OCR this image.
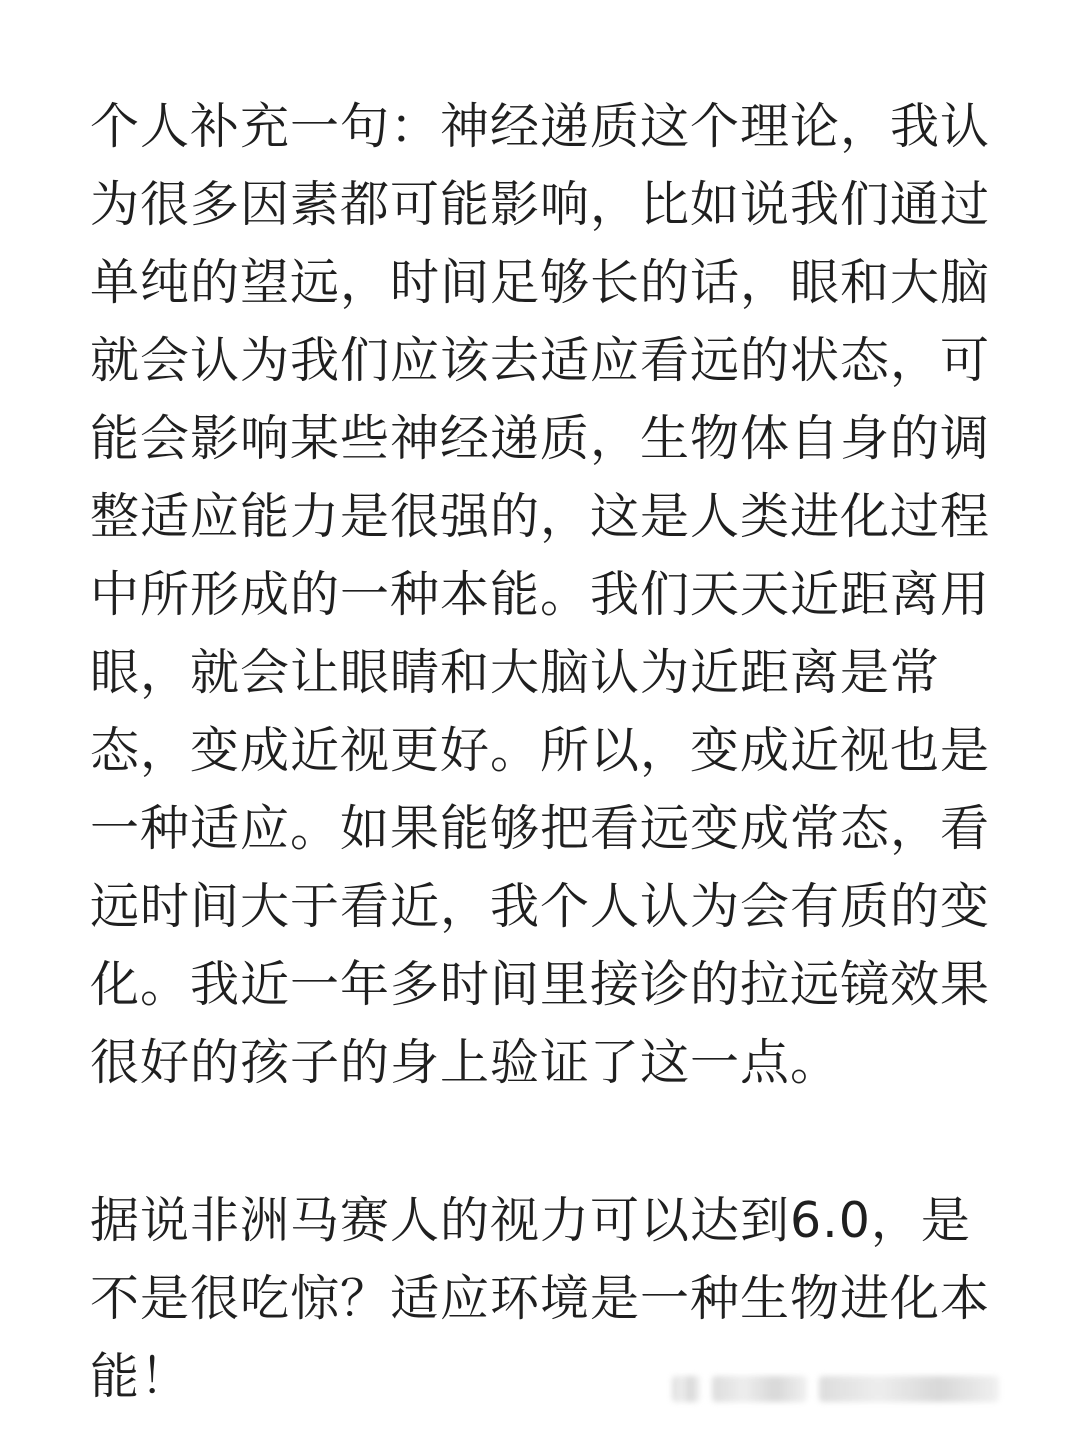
个人补充一句：神经递质这个理论，我认为很多因素都可能影响，比如说我们通过单纯的望远，时间足够长的话，眼和大脑就会认为我们应该去适应看远的状态，可能会影响某些神经递质，生物体自身的调整适应能力是很强的，这是人类进化过程中所形成的一种本能。我们天天近距离用眼，就会让眼睛和大脑认为近距离是常态，变成近视更好。所以，变成近视也是一种适应。如果能够把看远变成常态，看远时间大于看近，我个人认为会有质的变化。我近一年多时间里接诊的拉远镜效果很好的孩子的身上验证了这一点。

据说非洲马赛人的视力可以达到6.0，是不是很吃惊？适应环境是一种生物进化本能！
